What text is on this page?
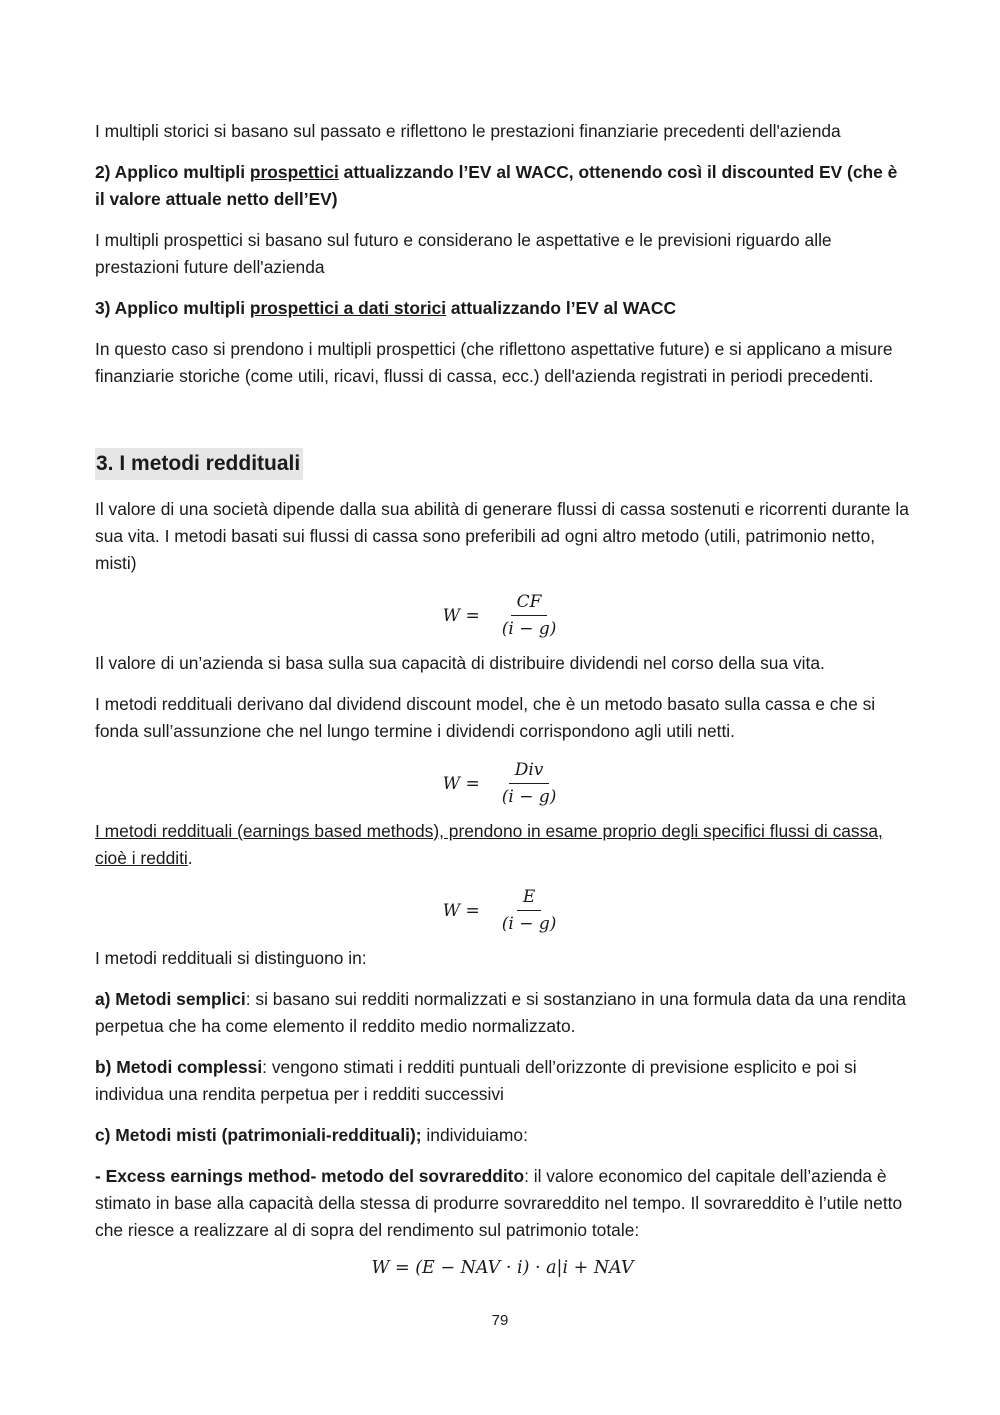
I multipli storici si basano sul passato e riflettono le prestazioni finanziarie precedenti dell'azienda

2) Applico multipli prospettici attualizzando l’EV al WACC, ottenendo così il discounted EV (che è il valore attuale netto dell’EV)

I multipli prospettici si basano sul futuro e considerano le aspettative e le previsioni riguardo alle prestazioni future dell'azienda

3) Applico multipli prospettici a dati storici attualizzando l’EV al WACC

In questo caso si prendono i multipli prospettici (che riflettono aspettative future) e si applicano a misure finanziarie storiche (come utili, ricavi, flussi di cassa, ecc.) dell'azienda registrati in periodi precedenti.

3. I metodi reddituali

Il valore di una società dipende dalla sua abilità di generare flussi di cassa sostenuti e ricorrenti durante la sua vita. I metodi basati sui flussi di cassa sono preferibili ad ogni altro metodo (utili, patrimonio netto, misti)

$W = \frac{CF}{(i - g)}$

Il valore di un’azienda si basa sulla sua capacità di distribuire dividendi nel corso della sua vita.

I metodi reddituali derivano dal dividend discount model, che è un metodo basato sulla cassa e che si fonda sull’assunzione che nel lungo termine i dividendi corrispondono agli utili netti.

$W = \frac{\text{Div}}{(i - g)}$

I metodi reddituali (earnings based methods), prendono in esame proprio degli specifici flussi di cassa, cioè i redditi.

$W = \frac{E}{(i - g)}$

I metodi reddituali si distinguono in:

a) Metodi semplici: si basano sui redditi normalizzati e si sostanziano in una formula data da una rendita perpetua che ha come elemento il reddito medio normalizzato.

b) Metodi complessi: vengono stimati i redditi puntuali dell’orizzonte di previsione esplicito e poi si individua una rendita perpetua per i redditi successivi

c) Metodi misti (patrimoniali-reddituali); individuiamo:

- Excess earnings method- metodo del sovrareddito: il valore economico del capitale dell’azienda è stimato in base alla capacità della stessa di produrre sovrareddito nel tempo. Il sovrareddito è l’utile netto che riesce a realizzare al di sopra del rendimento sul patrimonio totale:

W = (E − NAV · i) · a|i + NAV
79
